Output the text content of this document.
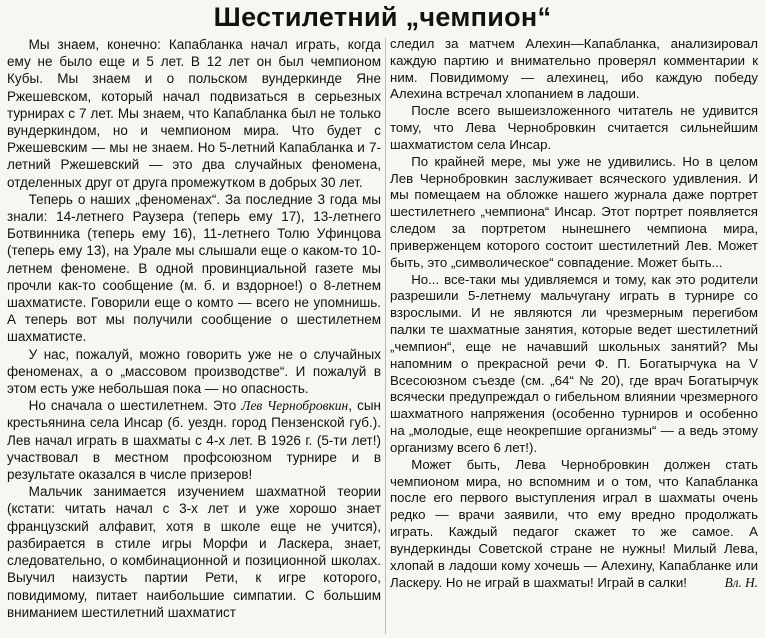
Шестилетний „чемпион“

Мы знаем, конечно: Капабланка начал играть, когда ему не было еще и 5 лет. В 12 лет он был чемпионом Кубы. Мы знаем и о польском вундеркинде Яне Ржешевском, который начал подвизаться в серьезных турнирах с 7 лет. Мы знаем, что Капабланка был не только вундеркиндом, но и чемпионом мира. Что будет с Ржешевским — мы не знаем. Но 5-летний Капабланка и 7-летний Ржешевский — это два случайных феномена, отделенных друг от друга промежутком в добрых 30 лет.

Теперь о наших „феноменах“. За последние 3 года мы знали: 14-летнего Раузера (теперь ему 17), 13-летнего Ботвинника (теперь ему 16), 11-летнего Толю Уфинцова (теперь ему 13), на Урале мы слышали еще о каком-то 10-летнем феномене. В одной провинциальной газете мы прочли как-то сообщение (м. б. и вздорное!) о 8-летнем шахматисте. Говорили еще о комто — всего не упомнишь. А теперь вот мы получили сообщение о шестилетнем шахматисте.

У нас, пожалуй, можно говорить уже не о случайных феноменах, а о „массовом производстве“. И пожалуй в этом есть уже небольшая пока — но опасность.

Но сначала о шестилетнем. Это Лев Чернобровкин, сын крестьянина села Инсар (б. уездн. город Пензенской губ.). Лев начал играть в шахматы с 4-х лет. В 1926 г. (5-ти лет!) участвовал в местном профсоюзном турнире и в результате оказался в числе призеров!

Мальчик занимается изучением шахматной теории (кстати: читать начал с 3-х лет и уже хорошо знает французский алфавит, хотя в школе еще не учится), разбирается в стиле игры Морфи и Ласкера, знает, следовательно, о комбинационной и позиционной школах. Выучил наизусть партии Рети, к игре которого, повидимому, питает наибольшие симпатии. С большим вниманием шестилетний шахматист

следил за матчем Алехин—Капабланка, анализировал каждую партию и внимательно проверял комментарии к ним. Повидимому — алехинец, ибо каждую победу Алехина встречал хлопанием в ладоши.

После всего вышеизложенного читатель не удивится тому, что Лева Чернобровкин считается сильнейшим шахматистом села Инсар.

По крайней мере, мы уже не удивились. Но в целом Лев Чернобровкин заслуживает всяческого удивления. И мы помещаем на обложке нашего журнала даже портрет шестилетнего „чемпиона“ Инсар. Этот портрет появляется следом за портретом нынешнего чемпиона мира, приверженцем которого состоит шестилетний Лев. Может быть, это „символическое“ совпадение. Может быть...

Но... все-таки мы удивляемся и тому, как это родители разрешили 5-летнему мальчугану играть в турнире со взрослыми. И не являются ли чрезмерным перегибом палки те шахматные занятия, которые ведет шестилетний „чемпион“, еще не начавший школьных занятий? Мы напомним о прекрасной речи Ф. П. Богатырчука на V Всесоюзном съезде (см. „64“ № 20), где врач Богатырчук всячески предупреждал о гибельном влиянии чрезмерного шахматного напряжения (особенно турниров и особенно на „молодые, еще неокрепшие организмы“ — а ведь этому организму всего 6 лет!).

Может быть, Лева Чернобровкин должен стать чемпионом мира, но вспомним и о том, что Капабланка после его первого выступления играл в шахматы очень редко — врачи заявили, что ему вредно продолжать играть. Каждый педагог скажет то же самое. А вундеркинды Советской стране не нужны! Милый Лева, хлопай в ладоши кому хочешь — Алехину, Капабланке или Ласкеру. Но не играй в шахматы! Играй в салки!	Вл. Н.
